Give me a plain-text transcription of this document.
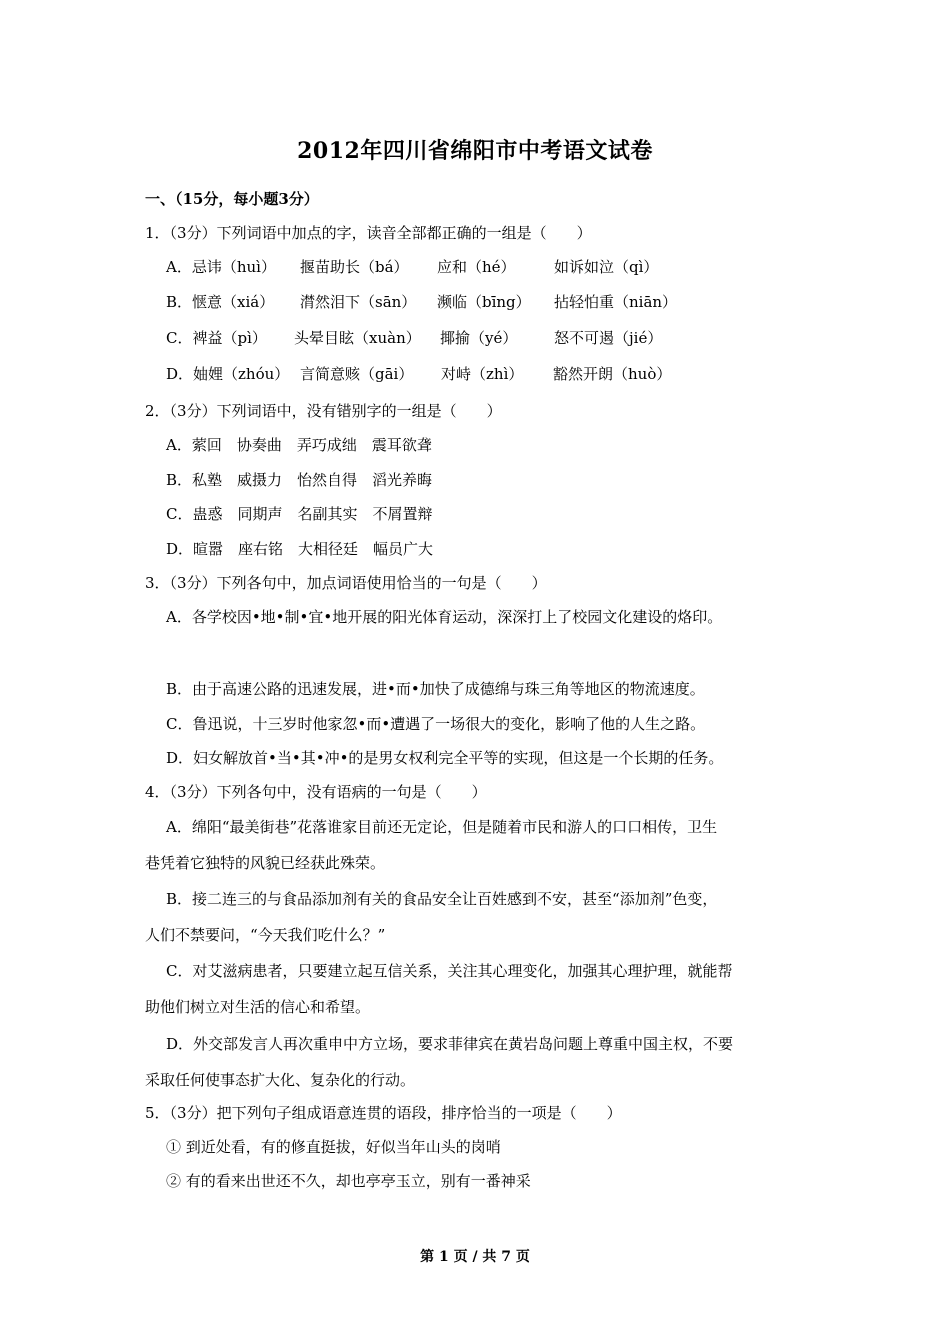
2012年四川省绵阳市中考语文试卷
一、（15分，每小题3分）
1．（3分）下列词语中加点的字，读音全部都正确的一组是（　　）
A．忌讳（huì） 揠苗助长（bá） 应和（hé）	如诉如泣（qì）
B．惬意（xiá） 潸然泪下（sān） 濒临（bīng） 拈轻怕重（niān）
C．裨益（pì） 头晕目眩（xuàn） 揶揄（yé） 怒不可遏（jié）
D．妯娌（zhóu） 言简意赅（gāi） 对峙（zhì） 豁然开朗（huò）
2．（3分）下列词语中，没有错别字的一组是（　　）
A．萦回　协奏曲　弄巧成绌　震耳欲聋
B．私塾　威摄力　怡然自得　滔光养晦
C．蛊惑　同期声　名副其实　不屑置辩
D．暄嚣　座右铭　大相径廷　幅员广大
3．（3分）下列各句中，加点词语使用恰当的一句是（　　）
A．各学校因•地•制•宜•地开展的阳光体育运动，深深打上了校园文化建设的烙印。
B．由于高速公路的迅速发展，进•而•加快了成德绵与珠三角等地区的物流速度。
C．鲁迅说，十三岁时他家忽•而•遭遇了一场很大的变化，影响了他的人生之路。
D．妇女解放首•当•其•冲•的是男女权利完全平等的实现，但这是一个长期的任务。
4．（3分）下列各句中，没有语病的一句是（　　）
A．绵阳“最美街巷”花落谁家目前还无定论，但是随着市民和游人的口口相传，卫生
巷凭着它独特的风貌已经获此殊荣。
B．接二连三的与食品添加剂有关的食品安全让百姓感到不安，甚至“添加剂”色变，
人们不禁要问，“今天我们吃什么？”
C．对艾滋病患者，只要建立起互信关系，关注其心理变化，加强其心理护理，就能帮
助他们树立对生活的信心和希望。
D．外交部发言人再次重申中方立场，要求菲律宾在黄岩岛问题上尊重中国主权，不要
采取任何使事态扩大化、复杂化的行动。
5．（3分）把下列句子组成语意连贯的语段，排序恰当的一项是（　　）
① 到近处看，有的修直挺拔，好似当年山头的岗哨
② 有的看来出世还不久，却也亭亭玉立，别有一番神采
第 1 页 / 共 7 页
